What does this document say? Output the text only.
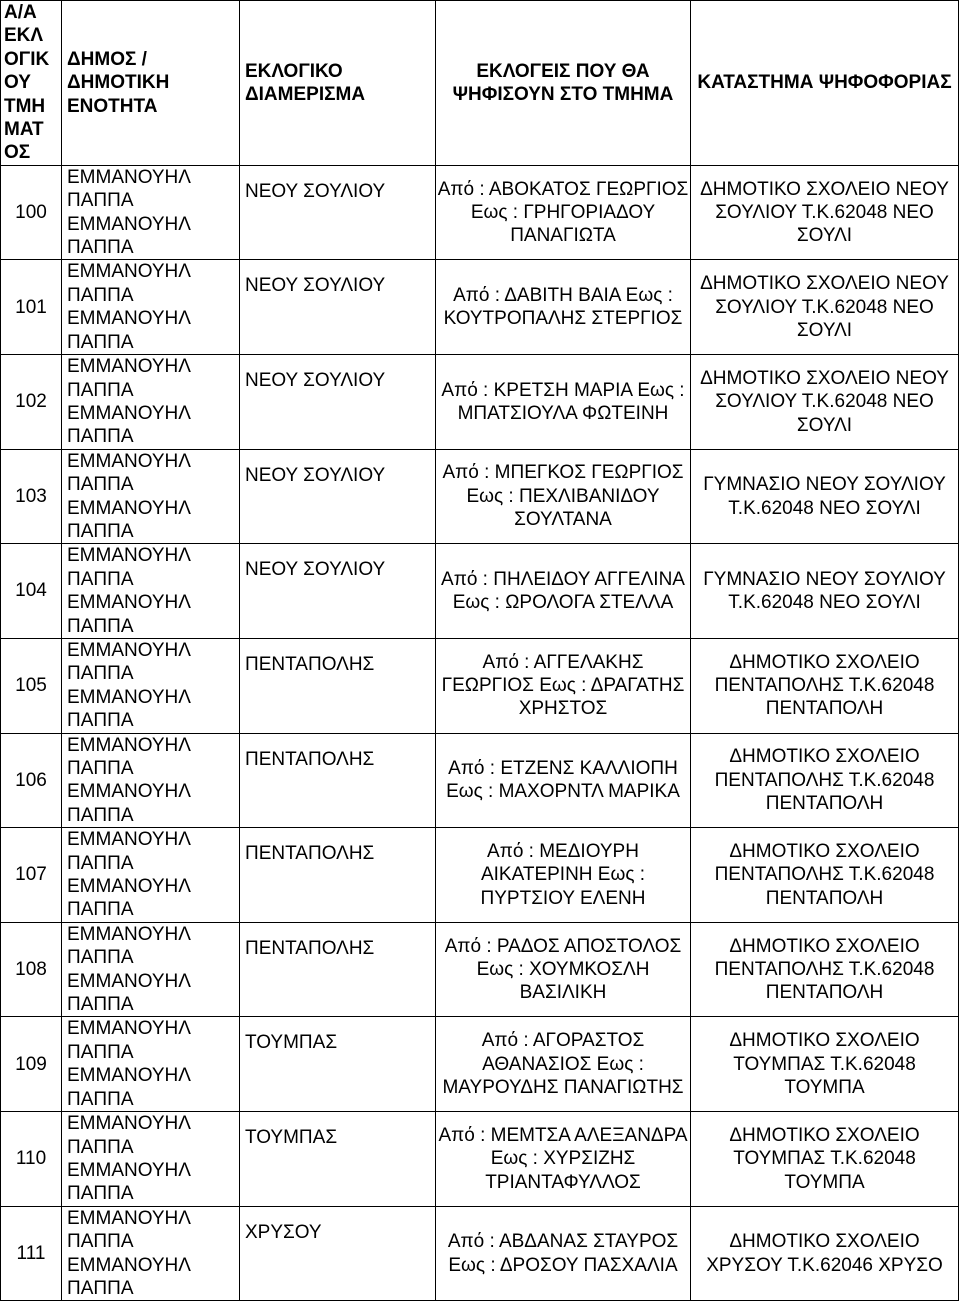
Α/Α ΕΚΛ ΟΓΙΚ ΟΥ ΤΜΗ ΜΑΤ ΟΣ	ΔΗΜΟΣ / ΔΗΜΟΤΙΚΗ ΕΝΟΤΗΤΑ	ΕΚΛΟΓΙΚΟ ΔΙΑΜΕΡΙΣΜΑ	ΕΚΛΟΓΕΙΣ ΠΟΥ ΘΑ ΨΗΦΙΣΟΥΝ ΣΤΟ ΤΜΗΜΑ	ΚΑΤΑΣΤΗΜΑ ΨΗΦΟΦΟΡΙΑΣ
100	ΕΜΜΑΝΟΥΗΛ ΠΑΠΠΑ ΕΜΜΑΝΟΥΗΛ ΠΑΠΠΑ	ΝΕΟΥ ΣΟΥΛΙΟΥ	Από : ΑΒΟΚΑΤΟΣ ΓΕΩΡΓΙΟΣ Εως : ΓΡΗΓΟΡΙΑΔΟΥ ΠΑΝΑΓΙΩΤΑ	ΔΗΜΟΤΙΚΟ ΣΧΟΛΕΙΟ ΝΕΟΥ ΣΟΥΛΙΟΥ Τ.Κ.62048 ΝΕΟ ΣΟΥΛΙ
101	ΕΜΜΑΝΟΥΗΛ ΠΑΠΠΑ ΕΜΜΑΝΟΥΗΛ ΠΑΠΠΑ	ΝΕΟΥ ΣΟΥΛΙΟΥ	Από : ΔΑΒΙΤΗ ΒΑΙΑ Εως : ΚΟΥΤΡΟΠΑΛΗΣ ΣΤΕΡΓΙΟΣ	ΔΗΜΟΤΙΚΟ ΣΧΟΛΕΙΟ ΝΕΟΥ ΣΟΥΛΙΟΥ Τ.Κ.62048 ΝΕΟ ΣΟΥΛΙ
102	ΕΜΜΑΝΟΥΗΛ ΠΑΠΠΑ ΕΜΜΑΝΟΥΗΛ ΠΑΠΠΑ	ΝΕΟΥ ΣΟΥΛΙΟΥ	Από : ΚΡΕΤΣΗ ΜΑΡΙΑ Εως : ΜΠΑΤΣΙΟΥΛΑ ΦΩΤΕΙΝΗ	ΔΗΜΟΤΙΚΟ ΣΧΟΛΕΙΟ ΝΕΟΥ ΣΟΥΛΙΟΥ Τ.Κ.62048 ΝΕΟ ΣΟΥΛΙ
103	ΕΜΜΑΝΟΥΗΛ ΠΑΠΠΑ ΕΜΜΑΝΟΥΗΛ ΠΑΠΠΑ	ΝΕΟΥ ΣΟΥΛΙΟΥ	Από : ΜΠΕΓΚΟΣ ΓΕΩΡΓΙΟΣ Εως : ΠΕΧΛΙΒΑΝΙΔΟΥ ΣΟΥΛΤΑΝΑ	ΓΥΜΝΑΣΙΟ ΝΕΟΥ ΣΟΥΛΙΟΥ Τ.Κ.62048 ΝΕΟ ΣΟΥΛΙ
104	ΕΜΜΑΝΟΥΗΛ ΠΑΠΠΑ ΕΜΜΑΝΟΥΗΛ ΠΑΠΠΑ	ΝΕΟΥ ΣΟΥΛΙΟΥ	Από : ΠΗΛΕΙΔΟΥ ΑΓΓΕΛΙΝΑ Εως : ΩΡΟΛΟΓΑ ΣΤΕΛΛΑ	ΓΥΜΝΑΣΙΟ ΝΕΟΥ ΣΟΥΛΙΟΥ Τ.Κ.62048 ΝΕΟ ΣΟΥΛΙ
105	ΕΜΜΑΝΟΥΗΛ ΠΑΠΠΑ ΕΜΜΑΝΟΥΗΛ ΠΑΠΠΑ	ΠΕΝΤΑΠΟΛΗΣ	Από : ΑΓΓΕΛΑΚΗΣ ΓΕΩΡΓΙΟΣ Εως : ΔΡΑΓΑΤΗΣ ΧΡΗΣΤΟΣ	ΔΗΜΟΤΙΚΟ ΣΧΟΛΕΙΟ ΠΕΝΤΑΠΟΛΗΣ Τ.Κ.62048 ΠΕΝΤΑΠΟΛΗ
106	ΕΜΜΑΝΟΥΗΛ ΠΑΠΠΑ ΕΜΜΑΝΟΥΗΛ ΠΑΠΠΑ	ΠΕΝΤΑΠΟΛΗΣ	Από : ΕΤΖΕΝΣ ΚΑΛΛΙΟΠΗ Εως : ΜΑΧΟΡΝΤΛ ΜΑΡΙΚΑ	ΔΗΜΟΤΙΚΟ ΣΧΟΛΕΙΟ ΠΕΝΤΑΠΟΛΗΣ Τ.Κ.62048 ΠΕΝΤΑΠΟΛΗ
107	ΕΜΜΑΝΟΥΗΛ ΠΑΠΠΑ ΕΜΜΑΝΟΥΗΛ ΠΑΠΠΑ	ΠΕΝΤΑΠΟΛΗΣ	Από : ΜΕΔΙΟΥΡΗ ΑΙΚΑΤΕΡΙΝΗ Εως : ΠΥΡΤΣΙΟΥ ΕΛΕΝΗ	ΔΗΜΟΤΙΚΟ ΣΧΟΛΕΙΟ ΠΕΝΤΑΠΟΛΗΣ Τ.Κ.62048 ΠΕΝΤΑΠΟΛΗ
108	ΕΜΜΑΝΟΥΗΛ ΠΑΠΠΑ ΕΜΜΑΝΟΥΗΛ ΠΑΠΠΑ	ΠΕΝΤΑΠΟΛΗΣ	Από : ΡΑΔΟΣ ΑΠΟΣΤΟΛΟΣ Εως : ΧΟΥΜΚΟΣΛΗ ΒΑΣΙΛΙΚΗ	ΔΗΜΟΤΙΚΟ ΣΧΟΛΕΙΟ ΠΕΝΤΑΠΟΛΗΣ Τ.Κ.62048 ΠΕΝΤΑΠΟΛΗ
109	ΕΜΜΑΝΟΥΗΛ ΠΑΠΠΑ ΕΜΜΑΝΟΥΗΛ ΠΑΠΠΑ	ΤΟΥΜΠΑΣ	Από : ΑΓΟΡΑΣΤΟΣ ΑΘΑΝΑΣΙΟΣ Εως : ΜΑΥΡΟΥΔΗΣ ΠΑΝΑΓΙΩΤΗΣ	ΔΗΜΟΤΙΚΟ ΣΧΟΛΕΙΟ ΤΟΥΜΠΑΣ Τ.Κ.62048 ΤΟΥΜΠΑ
110	ΕΜΜΑΝΟΥΗΛ ΠΑΠΠΑ ΕΜΜΑΝΟΥΗΛ ΠΑΠΠΑ	ΤΟΥΜΠΑΣ	Από : ΜΕΜΤΣΑ ΑΛΕΞΑΝΔΡΑ Εως : ΧΥΡΣΙΖΗΣ ΤΡΙΑΝΤΑΦΥΛΛΟΣ	ΔΗΜΟΤΙΚΟ ΣΧΟΛΕΙΟ ΤΟΥΜΠΑΣ Τ.Κ.62048 ΤΟΥΜΠΑ
111	ΕΜΜΑΝΟΥΗΛ ΠΑΠΠΑ ΕΜΜΑΝΟΥΗΛ ΠΑΠΠΑ	ΧΡΥΣΟΥ	Από : ΑΒΔΑΝΑΣ ΣΤΑΥΡΟΣ Εως : ΔΡΟΣΟΥ ΠΑΣΧΑΛΙΑ	ΔΗΜΟΤΙΚΟ ΣΧΟΛΕΙΟ ΧΡΥΣΟΥ Τ.Κ.62046 ΧΡΥΣΟ
